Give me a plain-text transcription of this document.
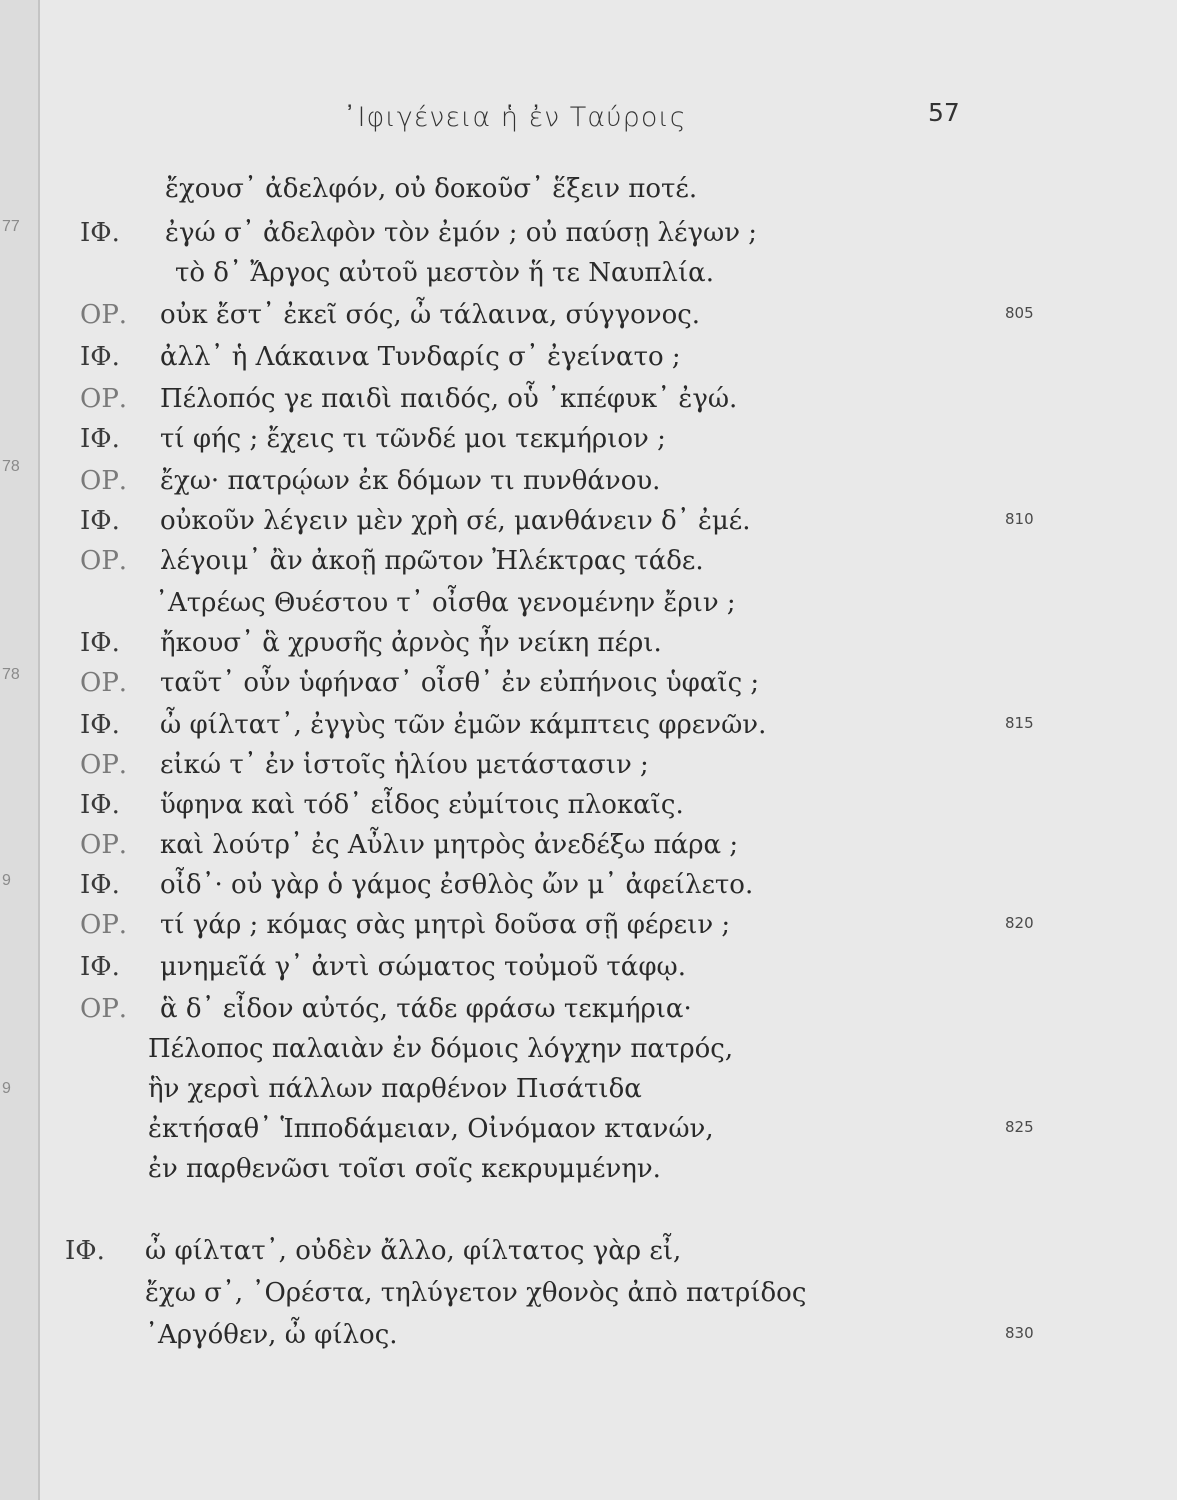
77
78
78
9
9
᾿Ιφιγένεια ἡ ἐν Ταύροις	57
ἔχουσ᾽ ἀδελφόν, οὐ δοκοῦσ᾽ ἕξειν ποτέ.
ΙΦ. ἐγώ σ᾽ ἀδελφὸν τὸν ἐμόν ; οὐ παύσῃ λέγων ;
τὸ δ᾽ Ἄργος αὐτοῦ μεστὸν ἥ τε Ναυπλία.
ΟΡ. οὐκ ἔστ᾽ ἐκεῖ σός, ὦ τάλαινα, σύγγονος.	805
ΙΦ. ἀλλ᾽ ἡ Λάκαινα Τυνδαρίς σ᾽ ἐγείνατο ;
ΟΡ. Πέλοπός γε παιδὶ παιδός, οὗ ᾽κπέφυκ᾽ ἐγώ.
ΙΦ. τί φής ; ἔχεις τι τῶνδέ μοι τεκμήριον ;
ΟΡ. ἔχω· πατρῴων ἐκ δόμων τι πυνθάνου.
ΙΦ. οὐκοῦν λέγειν μὲν χρὴ σέ, μανθάνειν δ᾽ ἐμέ.	810
ΟΡ. λέγοιμ᾽ ἂν ἀκοῇ πρῶτον Ἠλέκτρας τάδε.
᾿Ατρέως Θυέστου τ᾽ οἶσθα γενομένην ἔριν ;
ΙΦ. ἤκουσ᾽ ἃ χρυσῆς ἀρνὸς ἦν νείκη πέρι.
ΟΡ. ταῦτ᾽ οὖν ὑφήνασ᾽ οἶσθ᾽ ἐν εὐπήνοις ὑφαῖς ;
ΙΦ. ὦ φίλτατ᾽, ἐγγὺς τῶν ἐμῶν κάμπτεις φρενῶν.	815
ΟΡ. εἰκώ τ᾽ ἐν ἱστοῖς ἡλίου μετάστασιν ;
ΙΦ. ὕφηνα καὶ τόδ᾽ εἶδος εὐμίτοις πλοκαῖς.
ΟΡ. καὶ λούτρ᾽ ἐς Αὖλιν μητρὸς ἀνεδέξω πάρα ;
ΙΦ. οἶδ᾽· οὐ γὰρ ὁ γάμος ἐσθλὸς ὤν μ᾽ ἀφείλετο.
ΟΡ. τί γάρ ; κόμας σὰς μητρὶ δοῦσα σῇ φέρειν ;	820
ΙΦ. μνημεῖά γ᾽ ἀντὶ σώματος τοὐμοῦ τάφῳ.
ΟΡ. ἃ δ᾽ εἶδον αὐτός, τάδε φράσω τεκμήρια·
Πέλοπος παλαιὰν ἐν δόμοις λόγχην πατρός,
ἣν χερσὶ πάλλων παρθένον Πισάτιδα
ἐκτήσαθ᾽ Ἱπποδάμειαν, Οἰνόμαον κτανών,	825
ἐν παρθενῶσι τοῖσι σοῖς κεκρυμμένην.
ΙΦ. ὦ φίλτατ᾽, οὐδὲν ἄλλο, φίλτατος γὰρ εἶ,
ἔχω σ᾽, ᾽Ορέστα, τηλύγετον χθονὸς ἀπὸ πατρίδος
᾿Αργόθεν, ὦ φίλος.	830
